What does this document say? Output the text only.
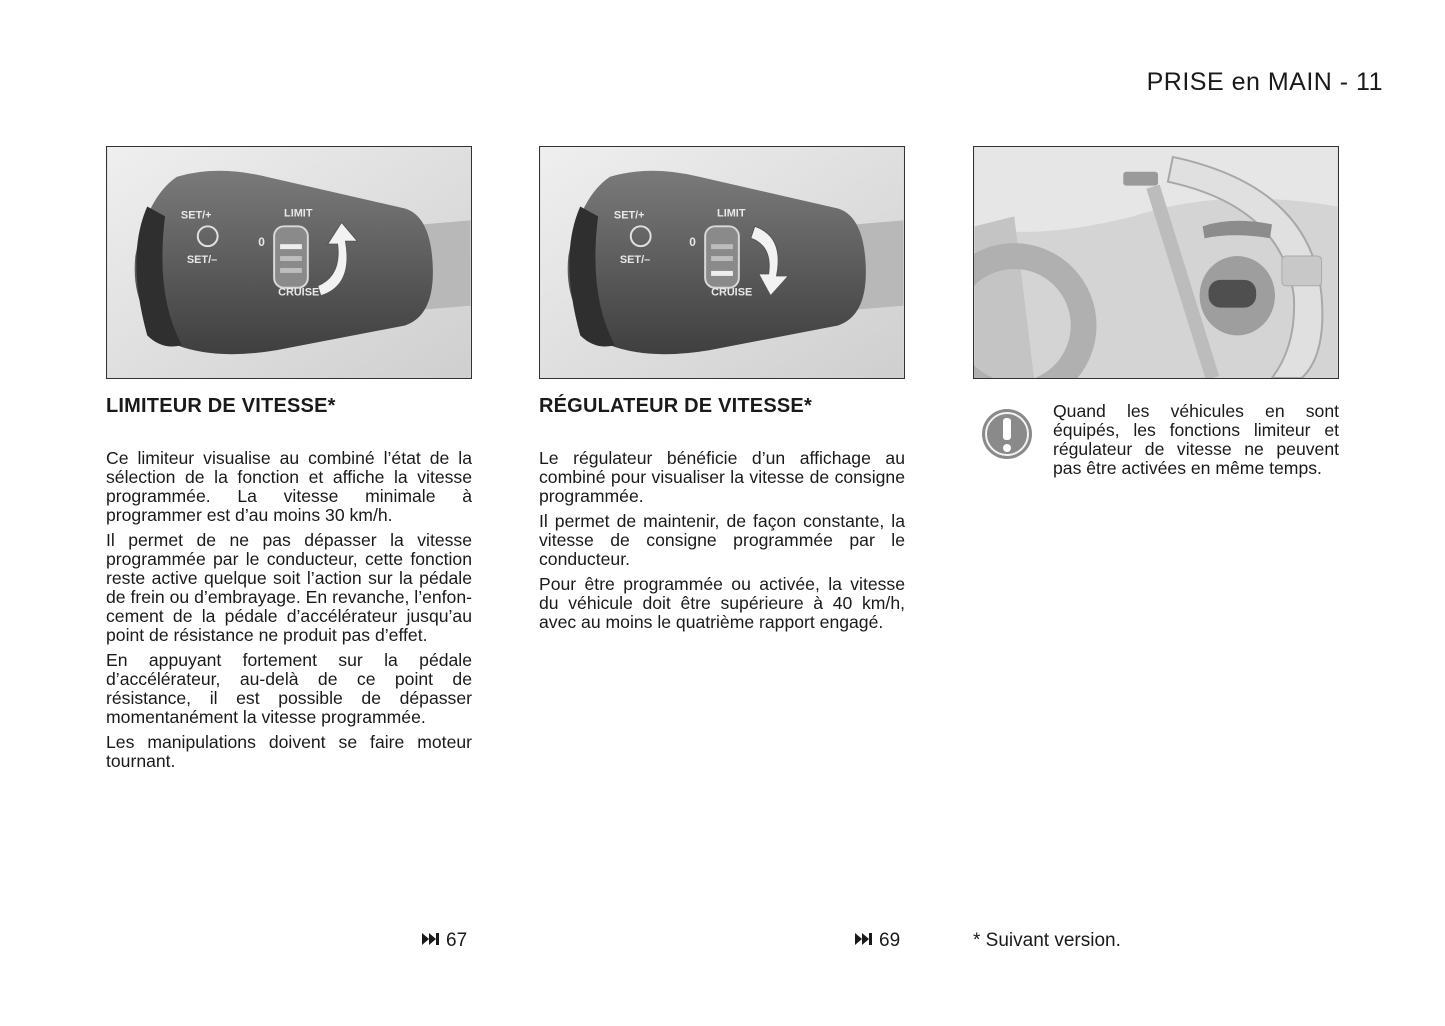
PRISE en MAIN - 11
SET/+
SET/–
LIMIT
CRUISE
0
LIMITEUR DE VITESSE*

Ce limiteur visualise au combiné l’état de la sélection de la fonction et affiche la vitesse programmée. La vitesse minimale à programmer est d’au moins 30 km/h.

Il permet de ne pas dépasser la vitesse programmée par le conducteur, cette fonction reste active quelque soit l’action sur la pédale de frein ou d’embrayage. En revanche, l’enfoncement de la pédale d’accélérateur jusqu’au point de résistance ne produit pas d’effet.

En appuyant fortement sur la pédale d’accélérateur, au-delà de ce point de résistance, il est possible de dépasser momentanément la vitesse programmée.

Les manipulations doivent se faire moteur tournant.

SET/+
SET/–
LIMIT
CRUISE
0
RÉGULATEUR DE VITESSE*

Le régulateur bénéficie d’un affichage au combiné pour visualiser la vitesse de consigne programmée.

Il permet de maintenir, de façon constante, la vitesse de consigne programmée par le conducteur.

Pour être programmée ou activée, la vitesse du véhicule doit être supérieure à 40 km/h, avec au moins le quatrième rapport engagé.

Quand les véhicules en sont équipés, les fonctions limiteur et régulateur de vitesse ne peuvent pas être activées en même temps.
67	69	* Suivant version.
